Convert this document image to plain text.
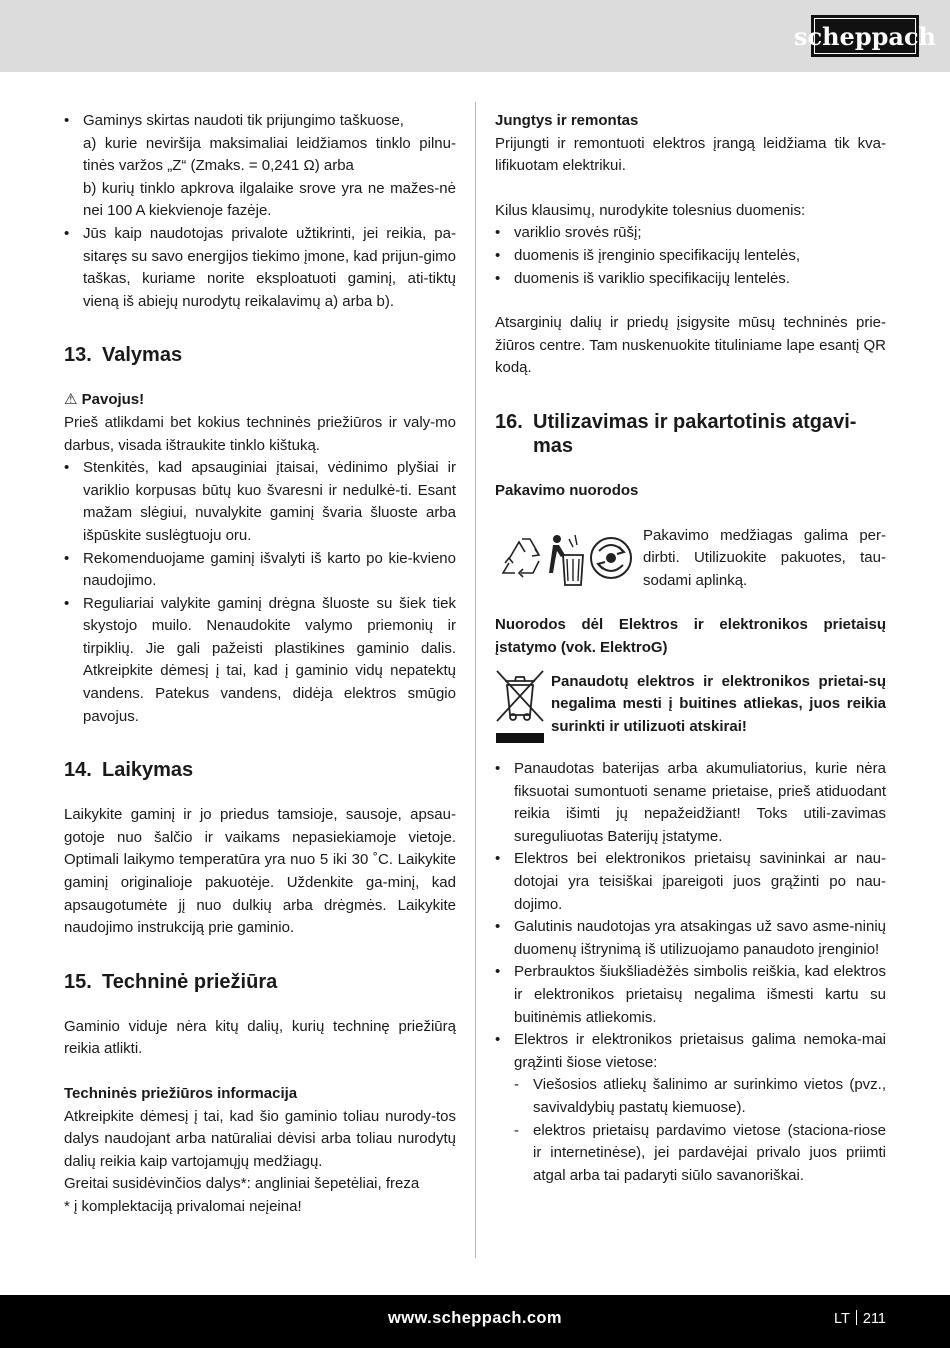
scheppach
• Gaminys skirtas naudoti tik prijungimo taškuose,
a) kurie neviršija maksimaliai leidžiamos tinklo pilnu-tinės varžos „Z“ (Zmaks. = 0,241 Ω) arba
b) kurių tinklo apkrova ilgalaike srove yra ne mažes-nė nei 100 A kiekvienoje fazėje.
• Jūs kaip naudotojas privalote užtikrinti, jei reikia, pa-sitaręs su savo energijos tiekimo įmone, kad prijun-gimo taškas, kuriame norite eksploatuoti gaminį, ati-tiktų vieną iš abiejų nurodytų reikalavimų a) arba b).
13. Valymas

⚠ Pavojus!

Prieš atlikdami bet kokius techninės priežiūros ir valy-mo darbus, visada ištraukite tinklo kištuką.

• Stenkitės, kad apsauginiai įtaisai, vėdinimo plyšiai ir variklio korpusas būtų kuo švaresni ir nedulkė-ti. Esant mažam slėgiui, nuvalykite gaminį švaria šluoste arba išpūskite suslėgtuoju oru.
• Rekomenduojame gaminį išvalyti iš karto po kie-kvieno naudojimo.
• Reguliariai valykite gaminį drėgna šluoste su šiek tiek skystojo muilo. Nenaudokite valymo priemonių ir tirpiklių. Jie gali pažeisti plastikines gaminio dalis. Atkreipkite dėmesį į tai, kad į gaminio vidų nepatektų vandens. Patekus vandens, didėja elektros smūgio pavojus.
14. Laikymas

Laikykite gaminį ir jo priedus tamsioje, sausoje, apsau-gotoje nuo šalčio ir vaikams nepasiekiamoje vietoje. Optimali laikymo temperatūra yra nuo 5 iki 30 ˚C. Laikykite gaminį originalioje pakuotėje. Uždenkite ga-minį, kad apsaugotumėte jį nuo dulkių arba drėgmės. Laikykite naudojimo instrukciją prie gaminio.

15. Techninė priežiūra

Gaminio viduje nėra kitų dalių, kurių techninę priežiūrą reikia atlikti.

Techninės priežiūros informacija

Atkreipkite dėmesį į tai, kad šio gaminio toliau nurody-tos dalys naudojant arba natūraliai dėvisi arba toliau nurodytų dalių reikia kaip vartojamųjų medžiagų.

Greitai susidėvinčios dalys*: angliniai šepetėliai, freza

* į komplektaciją privalomai neįeina!

Jungtys ir remontas

Prijungti ir remontuoti elektros įrangą leidžiama tik kva-lifikuotam elektrikui.

Kilus klausimų, nurodykite tolesnius duomenis:

• variklio srovės rūšį;
• duomenis iš įrenginio specifikacijų lentelės,
• duomenis iš variklio specifikacijų lentelės.

Atsarginių dalių ir priedų įsigysite mūsų techninės prie-žiūros centre. Tam nuskenuokite tituliniame lape esantį QR kodą.

16. Utilizavimas ir pakartotinis atgavi-mas

Pakavimo nuorodos

Pakavimo medžiagas galima per-dirbti. Utilizuokite pakuotes, tau-sodami aplinką.

Nuorodos dėl Elektros ir elektronikos prietaisų įstatymo (vok. ElektroG)

Panaudotų elektros ir elektronikos prietai-sų negalima mesti į buitines atliekas, juos reikia surinkti ir utilizuoti atskirai!

• Panaudotas baterijas arba akumuliatorius, kurie nėra fiksuotai sumontuoti sename prietaise, prieš atiduodant reikia išimti jų nepažeidžiant! Toks utili-zavimas sureguliuotas Baterijų įstatyme.
• Elektros bei elektronikos prietaisų savininkai ar nau-dotojai yra teisiškai įpareigoti juos grąžinti po nau-dojimo.
• Galutinis naudotojas yra atsakingas už savo asme-ninių duomenų ištrynimą iš utilizuojamo panaudoto įrenginio!
• Perbrauktos šiukšliadėžės simbolis reiškia, kad elektros ir elektronikos prietaisų negalima išmesti kartu su buitinėmis atliekomis.
• Elektros ir elektronikos prietaisus galima nemoka-mai grąžinti šiose vietose:
- Viešosios atliekų šalinimo ar surinkimo vietos (pvz., savivaldybių pastatų kiemuose).
- elektros prietaisų pardavimo vietose (staciona-riose ir internetinėse), jei pardavėjai privalo juos priimti atgal arba tai padaryti siūlo savanoriškai.
www.scheppach.com	LT 211
